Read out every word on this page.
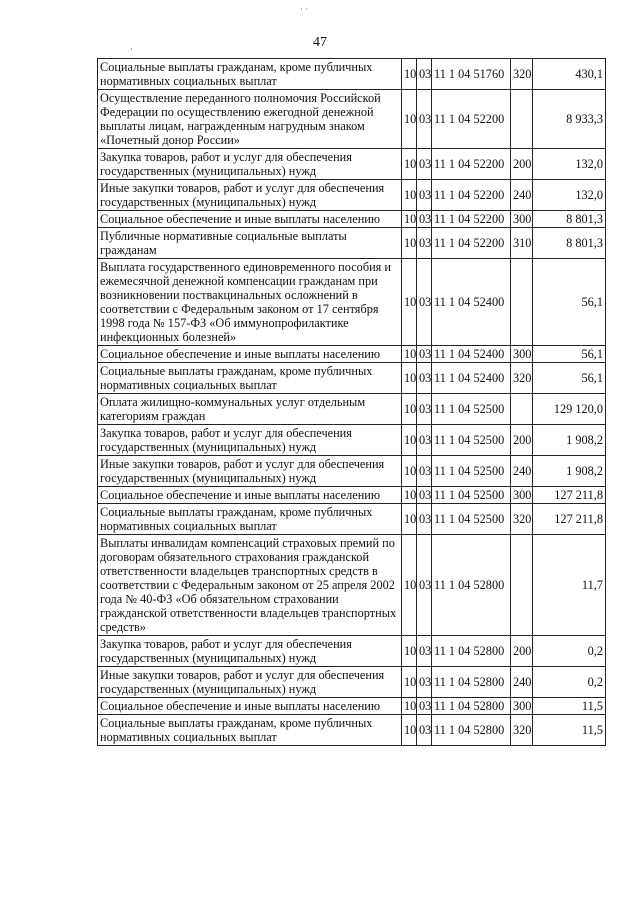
· ·
·	47
Социальные выплаты гражданам, кроме публичных нормативных социальных выплат	10	03	11 1 04 51760	320	430,1
Осуществление переданного полномочия Российской Федерации по осуществлению ежегодной денежной выплаты лицам, награжденным нагрудным знаком «Почетный донор России»	10	03	11 1 04 52200		8 933,3
Закупка товаров, работ и услуг для обеспечения государственных (муниципальных) нужд	10	03	11 1 04 52200	200	132,0
Иные закупки товаров, работ и услуг для обеспечения государственных (муниципальных) нужд	10	03	11 1 04 52200	240	132,0
Социальное обеспечение и иные выплаты населению	10	03	11 1 04 52200	300	8 801,3
Публичные нормативные социальные выплаты гражданам	10	03	11 1 04 52200	310	8 801,3
Выплата государственного единовременного пособия и ежемесячной денежной компенсации гражданам при возникновении поствакцинальных осложнений в соответствии с Федеральным законом от 17 сентября 1998 года № 157-ФЗ «Об иммунопрофилактике инфекционных болезней»	10	03	11 1 04 52400		56,1
Социальное обеспечение и иные выплаты населению	10	03	11 1 04 52400	300	56,1
Социальные выплаты гражданам, кроме публичных нормативных социальных выплат	10	03	11 1 04 52400	320	56,1
Оплата жилищно-коммунальных услуг отдельным категориям граждан	10	03	11 1 04 52500		129 120,0
Закупка товаров, работ и услуг для обеспечения государственных (муниципальных) нужд	10	03	11 1 04 52500	200	1 908,2
Иные закупки товаров, работ и услуг для обеспечения государственных (муниципальных) нужд	10	03	11 1 04 52500	240	1 908,2
Социальное обеспечение и иные выплаты населению	10	03	11 1 04 52500	300	127 211,8
Социальные выплаты гражданам, кроме публичных нормативных социальных выплат	10	03	11 1 04 52500	320	127 211,8
Выплаты инвалидам компенсаций страховых премий по договорам обязательного страхования гражданской ответственности владельцев транспортных средств в соответствии с Федеральным законом от 25 апреля 2002 года № 40-ФЗ «Об обязательном страховании гражданской ответственности владельцев транспортных средств»	10	03	11 1 04 52800		11,7
Закупка товаров, работ и услуг для обеспечения государственных (муниципальных) нужд	10	03	11 1 04 52800	200	0,2
Иные закупки товаров, работ и услуг для обеспечения государственных (муниципальных) нужд	10	03	11 1 04 52800	240	0,2
Социальное обеспечение и иные выплаты населению	10	03	11 1 04 52800	300	11,5
Социальные выплаты гражданам, кроме публичных нормативных социальных выплат	10	03	11 1 04 52800	320	11,5
